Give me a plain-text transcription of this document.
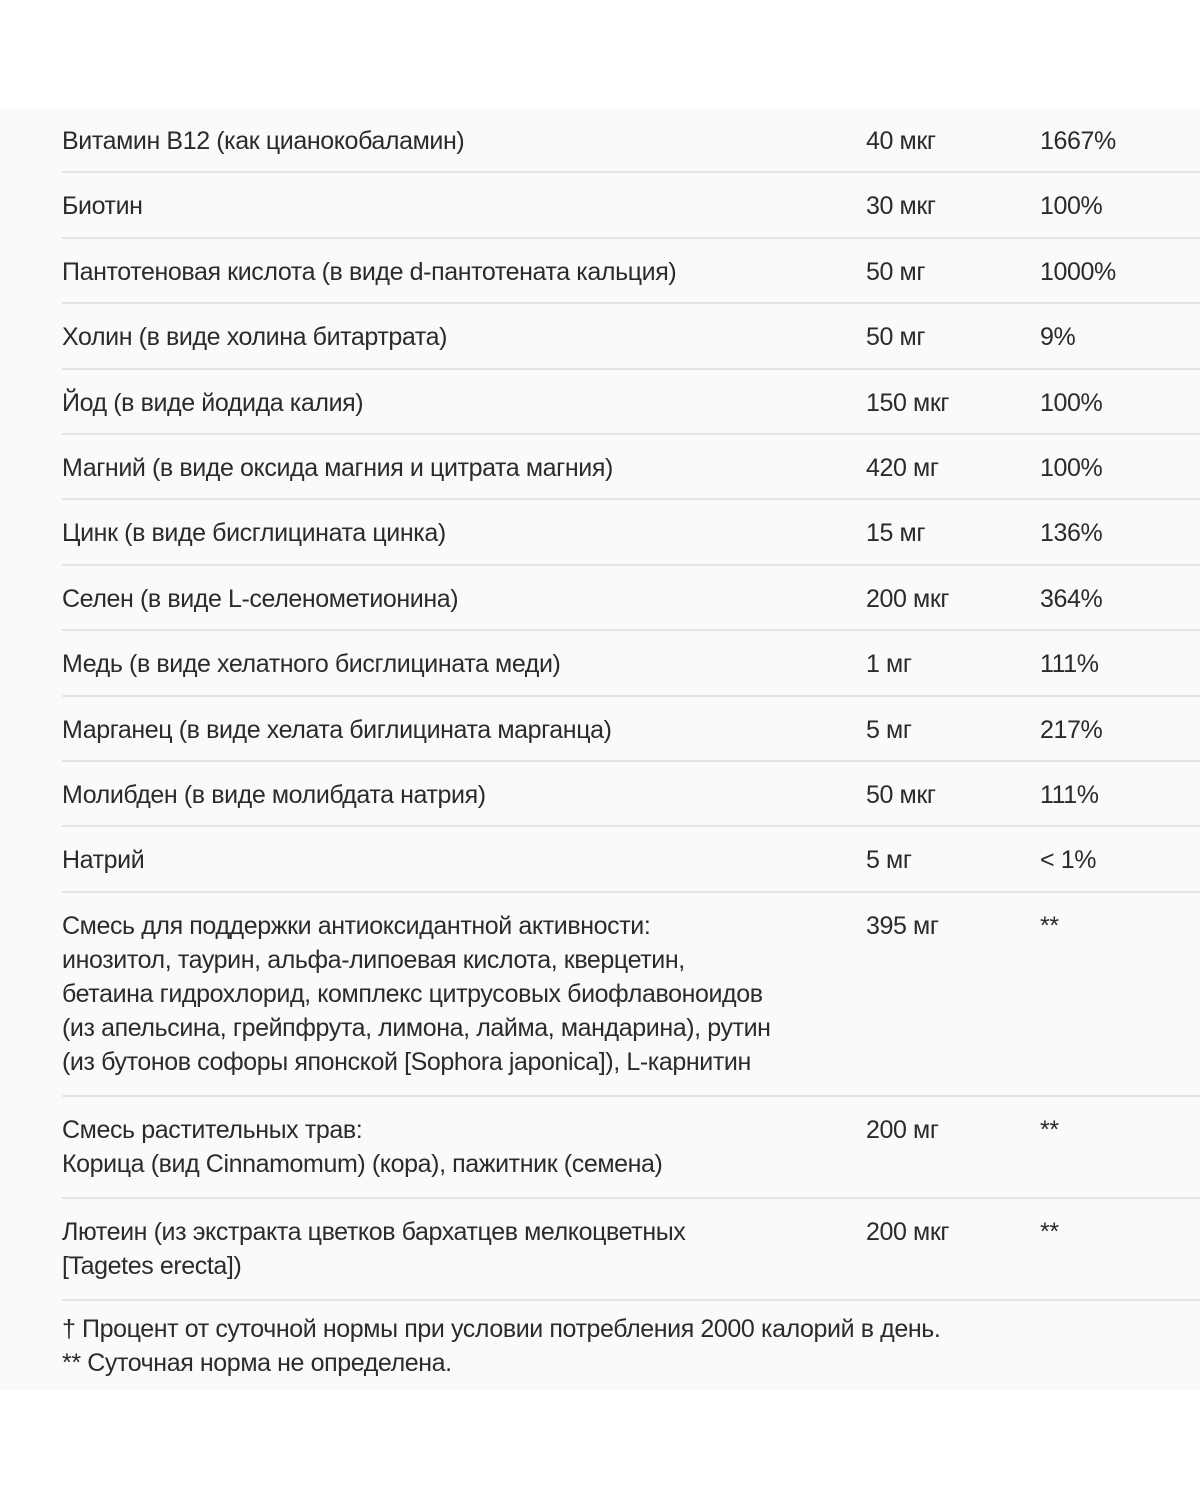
Витамин B12 (как цианокобаламин)	40 мкг	1667%
Биотин	30 мкг	100%
Пантотеновая кислота (в виде d-пантотената кальция)	50 мг	1000%
Холин (в виде холина битартрата)	50 мг	9%
Йод (в виде йодида калия)	150 мкг	100%
Магний (в виде оксида магния и цитрата магния)	420 мг	100%
Цинк (в виде бисглицината цинка)	15 мг	136%
Селен (в виде L-селенометионина)	200 мкг	364%
Медь (в виде хелатного бисглицината меди)	1 мг	111%
Марганец (в виде хелата биглицината марганца)	5 мг	217%
Молибден (в виде молибдата натрия)	50 мкг	111%
Натрий	5 мг	< 1%
Смесь для поддержки антиоксидантной активности:
инозитол, таурин, альфа-липоевая кислота, кверцетин,
бетаина гидрохлорид, комплекс цитрусовых биофлавоноидов
(из апельсина, грейпфрута, лимона, лайма, мандарина), рутин
(из бутонов софоры японской [Sophora japonica]), L-карнитин
395 мг	**
Смесь растительных трав:
Корица (вид Cinnamomum) (кора), пажитник (семена)
200 мг	**
Лютеин (из экстракта цветков бархатцев мелкоцветных
[Tagetes erecta])
200 мкг	**
† Процент от суточной нормы при условии потребления 2000 калорий в день.
** Суточная норма не определена.
